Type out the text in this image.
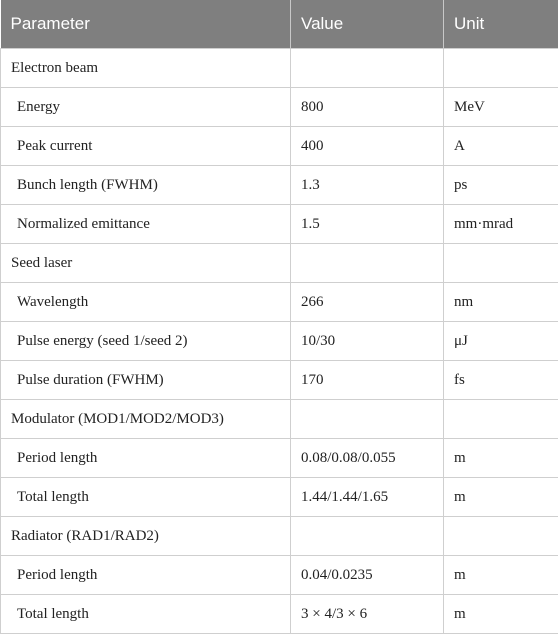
Parameter	Value	Unit
Electron beam		
Energy	800	MeV
Peak current	400	A
Bunch length (FWHM)	1.3	ps
Normalized emittance	1.5	mm·mrad
Seed laser		
Wavelength	266	nm
Pulse energy (seed 1/seed 2)	10/30	μJ
Pulse duration (FWHM)	170	fs
Modulator (MOD1/MOD2/MOD3)		
Period length	0.08/0.08/0.055	m
Total length	1.44/1.44/1.65	m
Radiator (RAD1/RAD2)		
Period length	0.04/0.0235	m
Total length	3 × 4/3 × 6	m
